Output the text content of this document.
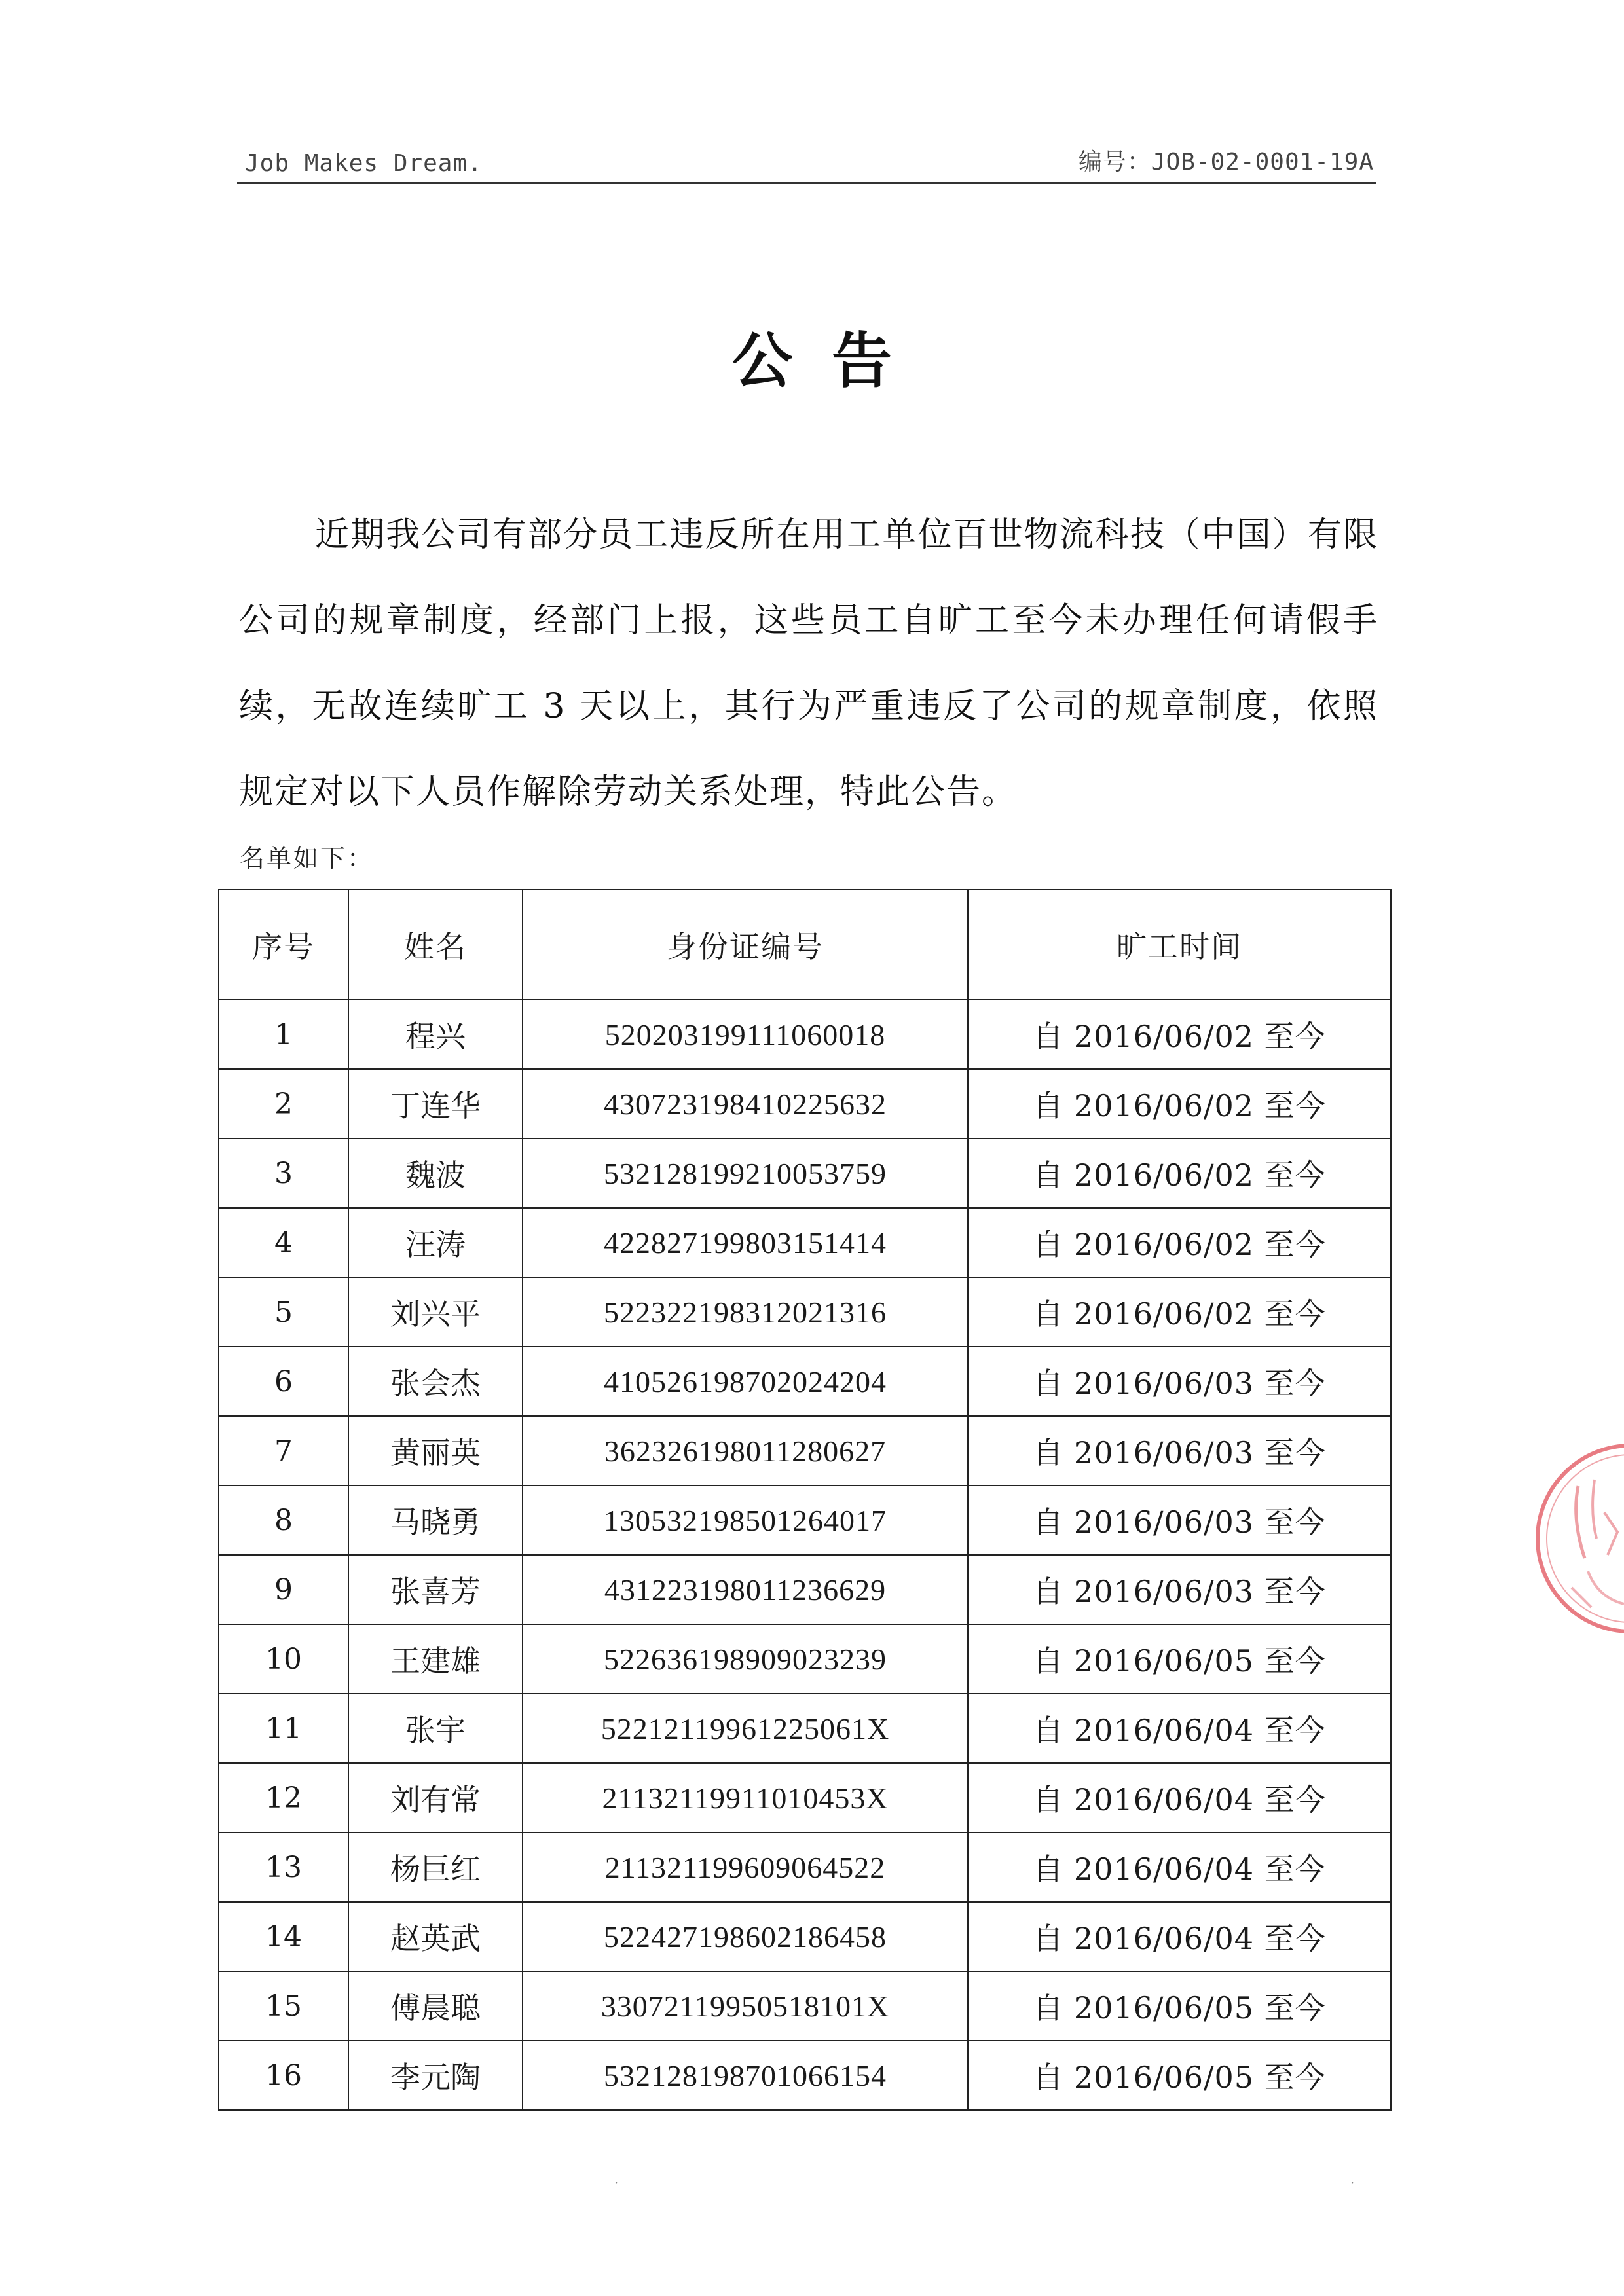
Job Makes Dream.	编号：JOB-02-0001-19A
公告
近期我公司有部分员工违反所在用工单位百世物流科技（中国）有限公司的规章制度，经部门上报，这些员工自旷工至今未办理任何请假手续，无故连续旷工 3 天以上，其行为严重违反了公司的规章制度，依照规定对以下人员作解除劳动关系处理，特此公告。
名单如下：
序号	姓名	身份证编号	旷工时间
1	程兴	520203199111060018	自 2016/06/02 至今
2	丁连华	430723198410225632	自 2016/06/02 至今
3	魏波	532128199210053759	自 2016/06/02 至今
4	汪涛	422827199803151414	自 2016/06/02 至今
5	刘兴平	522322198312021316	自 2016/06/02 至今
6	张会杰	410526198702024204	自 2016/06/03 至今
7	黄丽英	362326198011280627	自 2016/06/03 至今
8	马晓勇	130532198501264017	自 2016/06/03 至今
9	张喜芳	431223198011236629	自 2016/06/03 至今
10	王建雄	522636198909023239	自 2016/06/05 至今
11	张宇	52212119961225061X	自 2016/06/04 至今
12	刘有常	21132119911010453X	自 2016/06/04 至今
13	杨巨红	211321199609064522	自 2016/06/04 至今
14	赵英武	522427198602186458	自 2016/06/04 至今
15	傅晨聪	33072119950518101X	自 2016/06/05 至今
16	李元陶	532128198701066154	自 2016/06/05 至今
·	·
